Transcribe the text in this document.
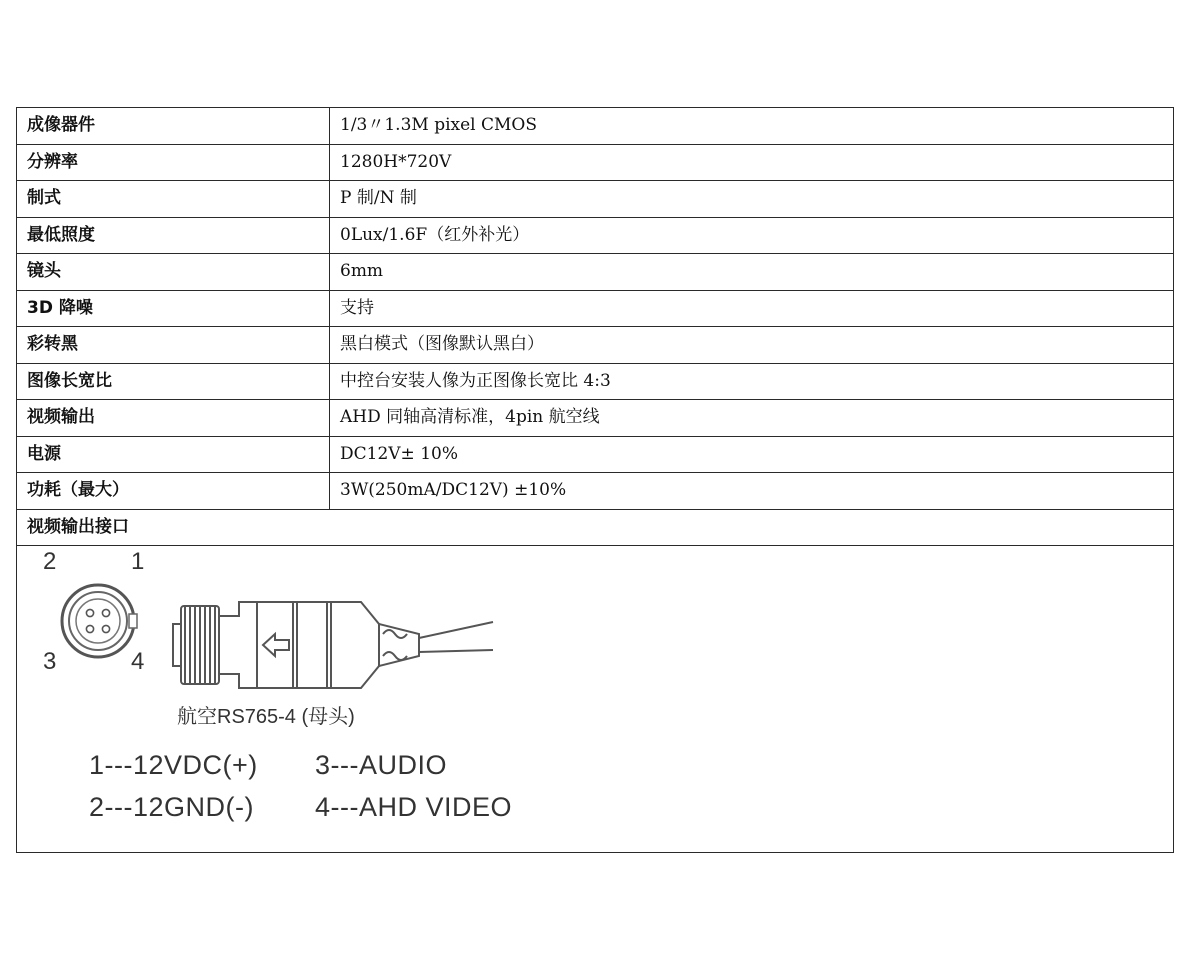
成像器件	1/3〃1.3M pixel CMOS
分辨率	1280H*720V
制式	P 制/N 制
最低照度	0Lux/1.6F（红外补光）
镜头	6mm
3D 降噪	支持
彩转黑	黑白模式（图像默认黑白）
图像长宽比	中控台安装人像为正图像长宽比 4:3
视频输出	AHD 同轴高清标准，4pin 航空线
电源	DC12V± 10%
功耗（最大）	3W(250mA/DC12V) ±10%
视频输出接口	
2	1
3	4
航空RS765-4 (母头)
1---12VDC(+) 3---AUDIO
2---12GND(-) 4---AHD VIDEO
